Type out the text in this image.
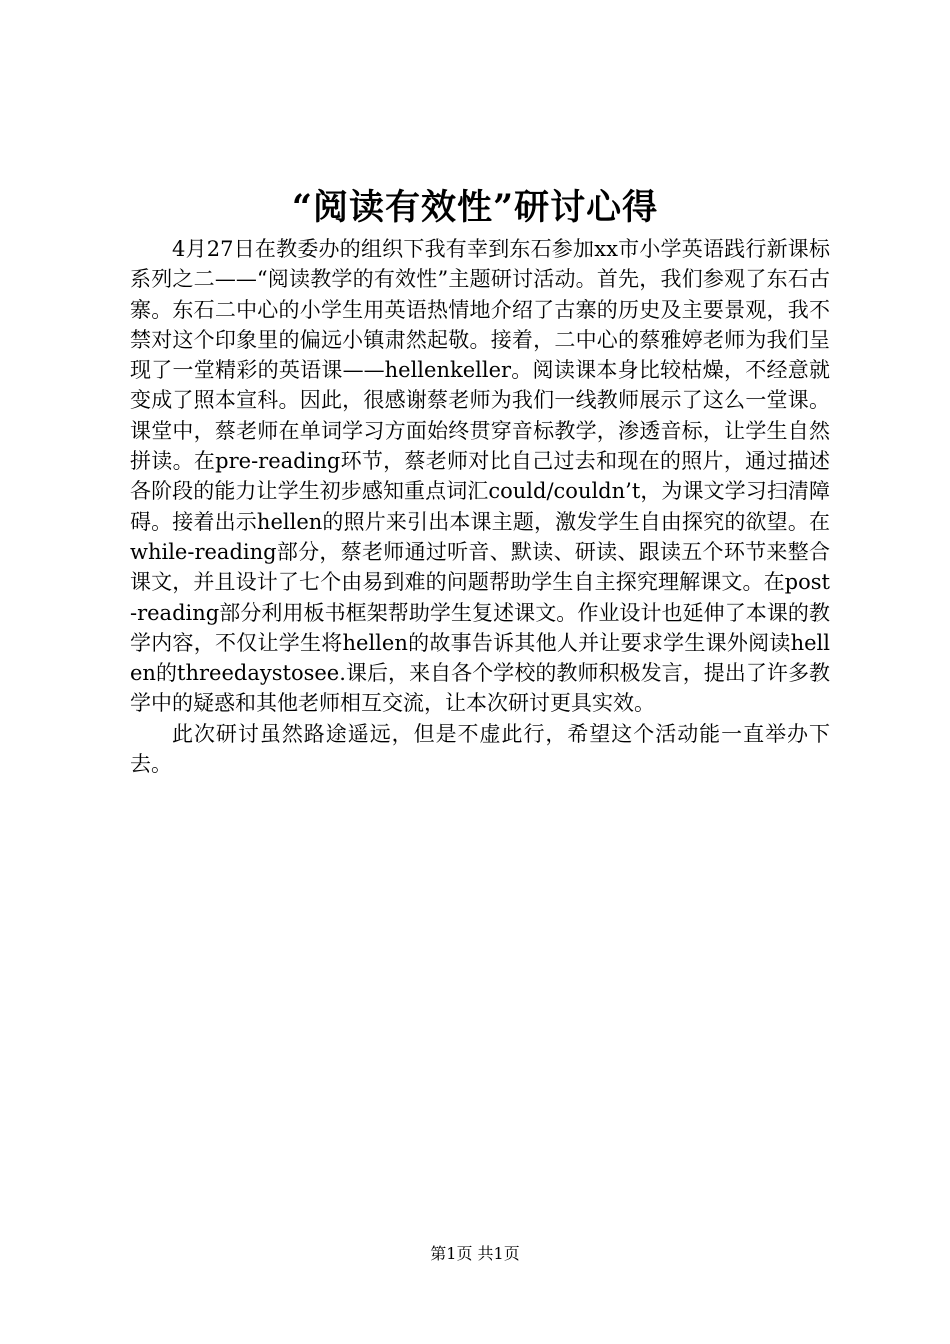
“阅读有效性”研讨心得

4月27日在教委办的组织下我有幸到东石参加xx市小学英语践行新课标系列之二——“阅读教学的有效性”主题研讨活动。首先，我们参观了东石古寨。东石二中心的小学生用英语热情地介绍了古寨的历史及主要景观，我不禁对这个印象里的偏远小镇肃然起敬。接着，二中心的蔡雅婷老师为我们呈现了一堂精彩的英语课——hellenkeller。阅读课本身比较枯燥，不经意就变成了照本宣科。因此，很感谢蔡老师为我们一线教师展示了这么一堂课。课堂中，蔡老师在单词学习方面始终贯穿音标教学，渗透音标，让学生自然拼读。在pre-reading环节，蔡老师对比自己过去和现在的照片，通过描述各阶段的能力让学生初步感知重点词汇could/couldn’t，为课文学习扫清障碍。接着出示hellen的照片来引出本课主题，激发学生自由探究的欲望。在while-reading部分，蔡老师通过听音、默读、研读、跟读五个环节来整合课文，并且设计了七个由易到难的问题帮助学生自主探究理解课文。在post-reading部分利用板书框架帮助学生复述课文。作业设计也延伸了本课的教学内容，不仅让学生将hellen的故事告诉其他人并让要求学生课外阅读hellen的threedaystosee.课后，来自各个学校的教师积极发言，提出了许多教学中的疑惑和其他老师相互交流，让本次研讨更具实效。

此次研讨虽然路途遥远，但是不虚此行，希望这个活动能一直举办下去。

第1页 共1页
